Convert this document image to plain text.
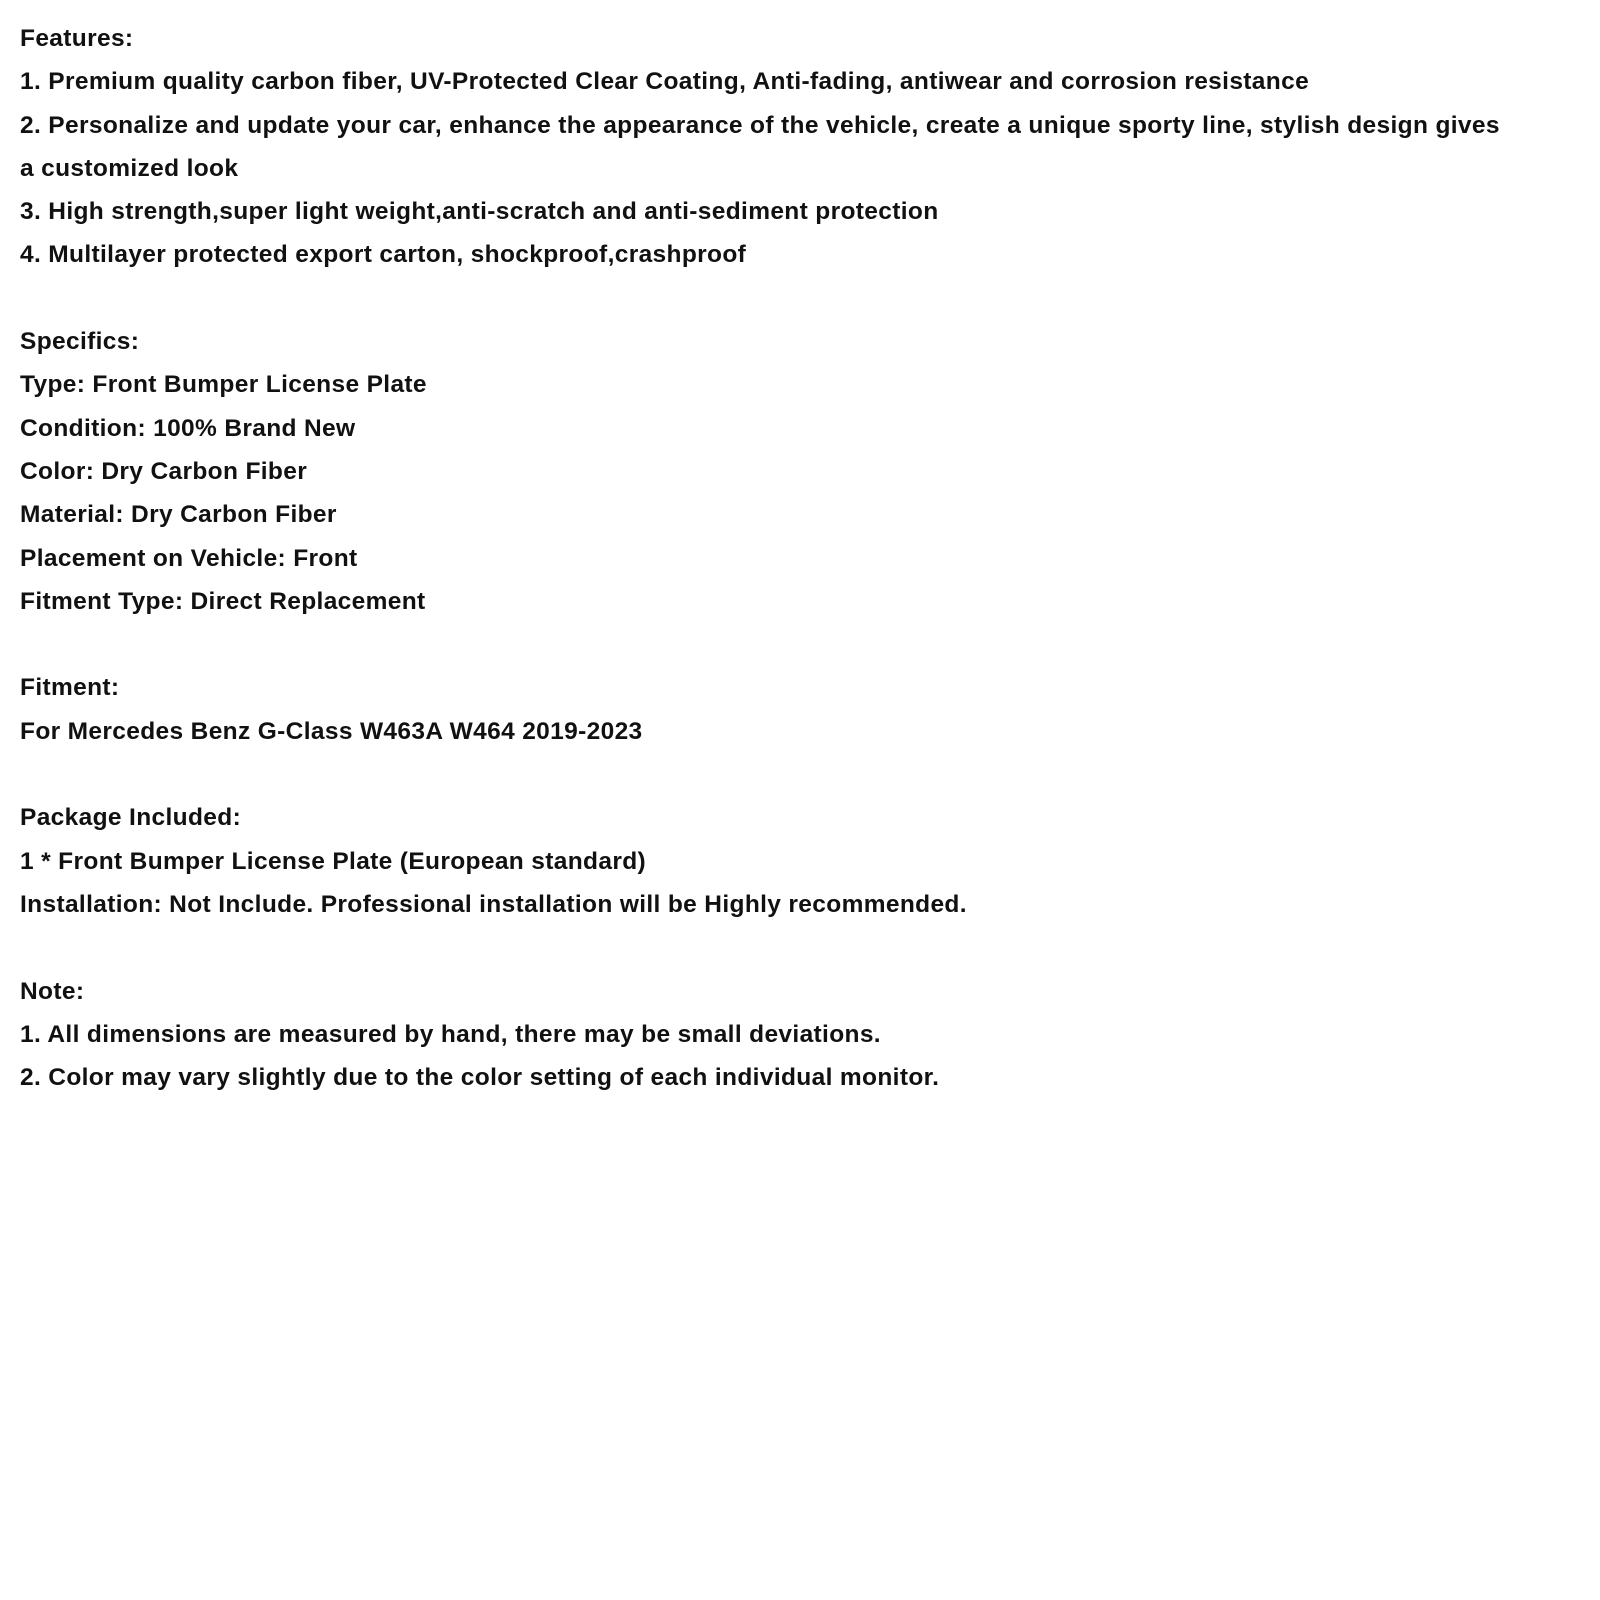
Features:
1. Premium quality carbon fiber, UV-Protected Clear Coating, Anti-fading, antiwear and corrosion resistance
2. Personalize and update your car, enhance the appearance of the vehicle, create a unique sporty line, stylish design gives
a customized look
3. High strength,super light weight,anti-scratch and anti-sediment protection
4. Multilayer protected export carton, shockproof,crashproof
Specifics:
Type: Front Bumper License Plate
Condition: 100% Brand New
Color: Dry Carbon Fiber
Material: Dry Carbon Fiber
Placement on Vehicle: Front
Fitment Type: Direct Replacement
Fitment:
For Mercedes Benz G-Class W463A W464 2019-2023
Package Included:
1 * Front Bumper License Plate (European standard)
Installation: Not Include. Professional installation will be Highly recommended.
Note:
1. All dimensions are measured by hand, there may be small deviations.
2. Color may vary slightly due to the color setting of each individual monitor.
